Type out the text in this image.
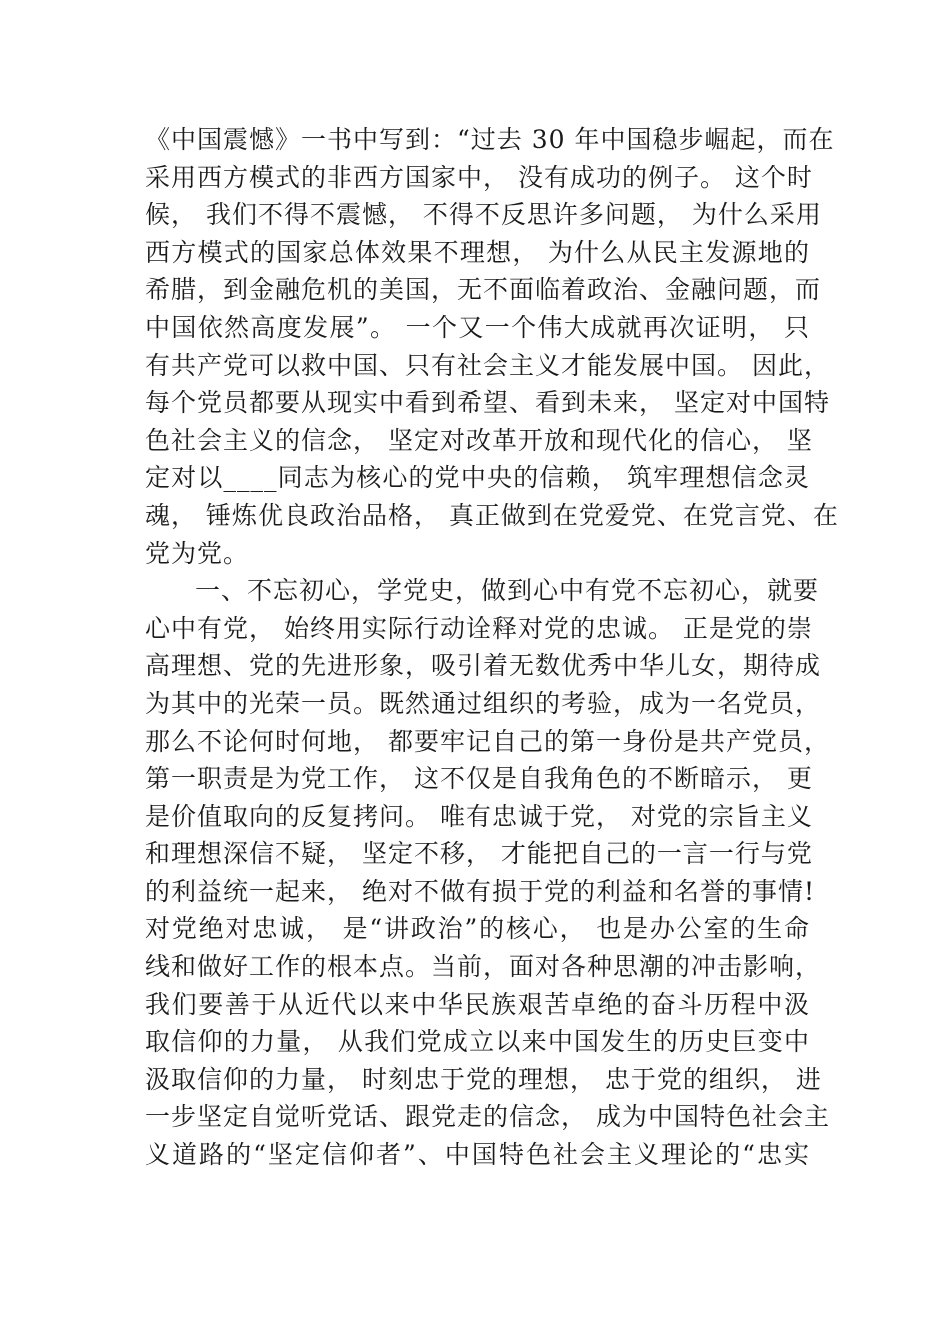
《中国震憾》一书中写到：“过去 30 年中国稳步崛起，而在
采用西方模式的非西方国家中， 没有成功的例子。 这个时
候， 我们不得不震憾， 不得不反思许多问题， 为什么采用
西方模式的国家总体效果不理想， 为什么从民主发源地的
希腊，到金融危机的美国，无不面临着政治、金融问题，而
中国依然高度发展”。 一个又一个伟大成就再次证明， 只
有共产党可以救中国、只有社会主义才能发展中国。 因此，
每个党员都要从现实中看到希望、看到未来， 坚定对中国特
色社会主义的信念， 坚定对改革开放和现代化的信心， 坚
定对以____同志为核心的党中央的信赖， 筑牢理想信念灵
魂， 锤炼优良政治品格， 真正做到在党爱党、在党言党、在
党为党。
一、不忘初心，学党史，做到心中有党不忘初心，就要
心中有党， 始终用实际行动诠释对党的忠诚。 正是党的崇
高理想、党的先进形象，吸引着无数优秀中华儿女，期待成
为其中的光荣一员。既然通过组织的考验，成为一名党员，
那么不论何时何地， 都要牢记自己的第一身份是共产党员，
第一职责是为党工作， 这不仅是自我角色的不断暗示， 更
是价值取向的反复拷问。 唯有忠诚于党， 对党的宗旨主义
和理想深信不疑， 坚定不移， 才能把自己的一言一行与党
的利益统一起来， 绝对不做有损于党的利益和名誉的事情!
对党绝对忠诚， 是“讲政治”的核心， 也是办公室的生命
线和做好工作的根本点。当前，面对各种思潮的冲击影响，
我们要善于从近代以来中华民族艰苦卓绝的奋斗历程中汲
取信仰的力量， 从我们党成立以来中国发生的历史巨变中
汲取信仰的力量， 时刻忠于党的理想， 忠于党的组织， 进
一步坚定自觉听党话、跟党走的信念， 成为中国特色社会主
义道路的“坚定信仰者”、中国特色社会主义理论的“忠实
